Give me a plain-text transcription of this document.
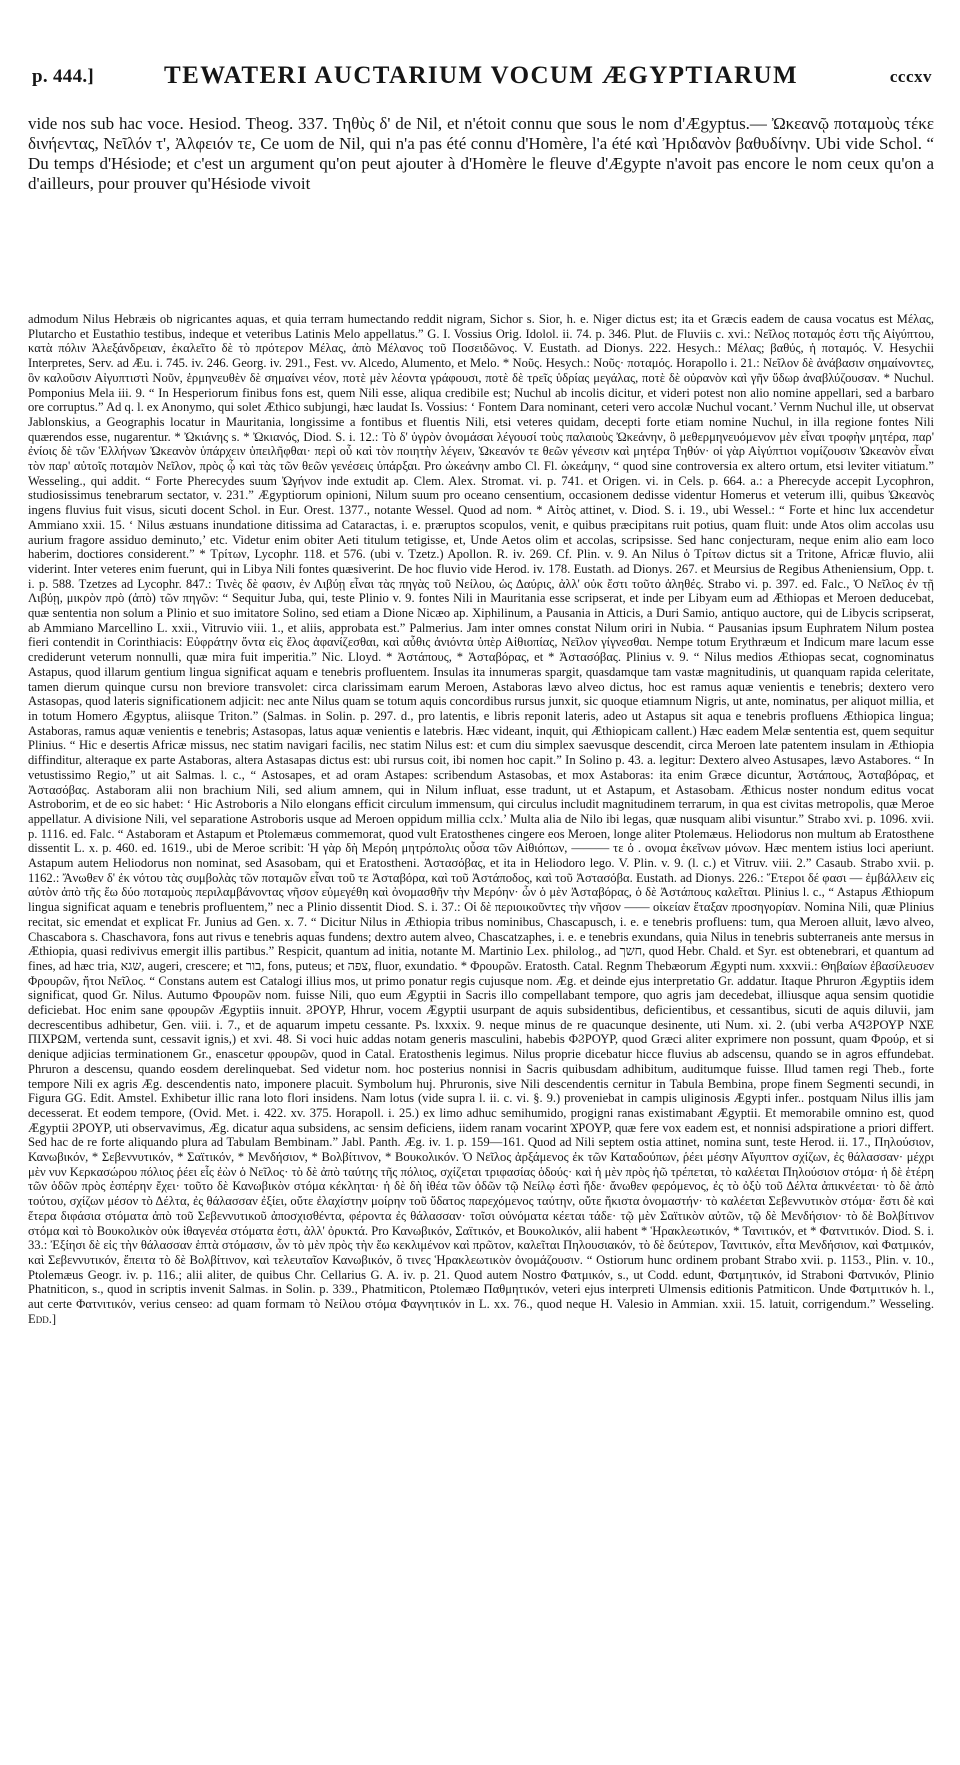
p. 444.]	TEWATERI AUCTARIUM VOCUM ÆGYPTIARUM	cccxv

vide nos sub hac voce. Hesiod. Theog. 337. Τηθὺς δ' de Nil, et n'étoit connu que sous le nom d'Ægyptus.— Ὠκεανῷ ποταμοὺς τέκε δινήεντας, Νεῖλόν τ', Ἀλφειόν τε, Ce uom de Nil, qui n'a pas été connu d'Homère, l'a été καὶ Ἠριδανὸν βαθυδίνην. Ubi vide Schol. “ Du temps d'Hésiode; et c'est un argument qu'on peut ajouter à d'Homère le fleuve d'Ægypte n'avoit pas encore le nom ceux qu'on a d'ailleurs, pour prouver qu'Hésiode vivoit

admodum Nilus Hebræis ob nigricantes aquas, et quia terram humectando reddit nigram, Sichor s. Sior, h. e. Niger dictus est; ita et Græcis eadem de causa vocatus est Μέλας, Plutarcho et Eustathio testibus, indeque et veteribus Latinis Melo appellatus.” G. I. Vossius Orig. Idolol. ii. 74. p. 346. Plut. de Fluviis c. xvi.: Νεῖλος ποταμός ἐστι τῆς Αἰγύπτου, κατὰ πόλιν Ἀλεξάνδρειαν, ἐκαλεῖτο δὲ τὸ πρότερον Μέλας, ἀπὸ Μέλανος τοῦ Ποσειδῶνος. V. Eustath. ad Dionys. 222. Hesych.: Μέλας; βαθύς, ἡ ποταμός. V. Hesychii Interpretes, Serv. ad Æu. i. 745. iv. 246. Georg. iv. 291., Fest. vv. Alcedo, Alumento, et Melo. * Νοῦς. Hesych.: Νοῦς· ποταμός. Horapollo i. 21.: Νεῖλον δὲ ἀνάβασιν σημαίνοντες, ὃν καλοῦσιν Αἰγυπτιστὶ Νοῦν, ἑρμηνευθὲν δὲ σημαίνει νέον, ποτὲ μὲν λέοντα γράφουσι, ποτὲ δὲ τρεῖς ὑδρίας μεγάλας, ποτὲ δὲ οὐρανὸν καὶ γῆν ὕδωρ ἀναβλύζουσαν. * Nuchul. Pomponius Mela iii. 9. “ In Hesperiorum finibus fons est, quem Nili esse, aliqua credibile est; Nuchul ab incolis dicitur, et videri potest non alio nomine appellari, sed a barbaro ore corruptus.” Ad q. l. ex Anonymo, qui solet Æthico subjungi, hæc laudat Is. Vossius: ‘ Fontem Dara nominant, ceteri vero accolæ Nuchul vocant.’ Vernm Nuchul ille, ut observat Jablonskius, a Geographis locatur in Mauritania, longissime a fontibus et fluentis Nili, etsi veteres quidam, decepti forte etiam nomine Nuchul, in illa regione fontes Nili quærendos esse, nugarentur. * Ὠκιάνης s. * Ὠκιανός, Diod. S. i. 12.: Τὸ δ' ὑγρὸν ὀνομάσαι λέγουσί τοὺς παλαιοὺς Ὠκεάνην, ὃ μεθερμηνευόμενον μὲν εἶναι τροφὴν μητέρα, παρ' ἐνίοις δὲ τῶν Ἑλλήνων Ὠκεανὸν ὑπάρχειν ὑπειλῆφθαι· περὶ οὗ καὶ τὸν ποιητὴν λέγειν, Ὠκεανόν τε θεῶν γένεσιν καὶ μητέρα Τηθύν· οἱ γὰρ Αἰγύπτιοι νομίζουσιν Ὠκεανὸν εἶναι τὸν παρ' αὐτοῖς ποταμὸν Νεῖλον, πρὸς ᾧ καὶ τὰς τῶν θεῶν γενέσεις ὑπάρξαι. Pro ὠκεάνην ambo Cl. Fl. ὠκεάμην, “ quod sine controversia ex altero ortum, etsi leviter vitiatum.” Wesseling., qui addit. “ Forte Pherecydes suum Ὠγήνον inde extudit ap. Clem. Alex. Stromat. vi. p. 741. et Origen. vi. in Cels. p. 664. a.: a Pherecyde accepit Lycophron, studiosissimus tenebrarum sectator, v. 231.” Ægyptiorum opinioni, Nilum suum pro oceano censentium, occasionem dedisse videntur Homerus et veterum illi, quibus Ὠκεανὸς ingens fluvius fuit visus, sicuti docent Schol. in Eur. Orest. 1377., notante Wessel. Quod ad nom. * Αἰτὸς attinet, v. Diod. S. i. 19., ubi Wessel.: “ Forte et hinc lux accendetur Ammiano xxii. 15. ‘ Nilus æstuans inundatione ditissima ad Cataractas, i. e. præruptos scopulos, venit, e quibus præcipitans ruit potius, quam fluit: unde Atos olim accolas usu aurium fragore assiduo deminuto,’ etc. Videtur enim obiter Aeti titulum tetigisse, et, Unde Aetos olim et accolas, scripsisse. Sed hanc conjecturam, neque enim alio eam loco haberim, doctiores considerent.” * Τρίτων, Lycophr. 118. et 576. (ubi v. Tzetz.) Apollon. R. iv. 269. Cf. Plin. v. 9. An Nilus ὁ Τρίτων dictus sit a Tritone, Africæ fluvio, alii viderint. Inter veteres enim fuerunt, qui in Libya Nili fontes quæsiverint. De hoc fluvio vide Herod. iv. 178. Eustath. ad Dionys. 267. et Meursius de Regibus Atheniensium, Opp. t. i. p. 588. Tzetzes ad Lycophr. 847.: Τινὲς δὲ φασιν, ἐν Λιβύῃ εἶναι τὰς πηγὰς τοῦ Νείλου, ὡς Δαύρις, ἀλλ' οὐκ ἔστι τοῦτο ἀληθές. Strabo vi. p. 397. ed. Falc., Ὁ Νεῖλος ἐν τῇ Λιβύῃ, μικρὸν πρὸ (ἀπὸ) τῶν πηγῶν: “ Sequitur Juba, qui, teste Plinio v. 9. fontes Nili in Mauritania esse scripserat, et inde per Libyam eum ad Æthiopas et Meroen deducebat, quæ sententia non solum a Plinio et suo imitatore Solino, sed etiam a Dione Nicæo ap. Xiphilinum, a Pausania in Atticis, a Duri Samio, antiquo auctore, qui de Libycis scripserat, ab Ammiano Marcellino L. xxii., Vitruvio viii. 1., et aliis, approbata est.” Palmerius. Jam inter omnes constat Nilum oriri in Nubia. “ Pausanias ipsum Euphratem Nilum postea fieri contendit in Corinthiacis: Εὐφράτην ὄντα εἰς ἕλος ἀφανίζεσθαι, καὶ αὖθις ἀνιόντα ὑπὲρ Αἰθιοπίας, Νεῖλον γίγνεσθαι. Nempe totum Erythræum et Indicum mare lacum esse crediderunt veterum nonnulli, quæ mira fuit imperitia.” Nic. Lloyd. * Ἀστάπους, * Ἀσταβόρας, et * Ἀστασόβας. Plinius v. 9. “ Nilus medios Æthiopas secat, cognominatus Astapus, quod illarum gentium lingua significat aquam e tenebris profluentem. Insulas ita innumeras spargit, quasdamque tam vastæ magnitudinis, ut quanquam rapida celeritate, tamen dierum quinque cursu non breviore transvolet: circa clarissimam earum Meroen, Astaboras lævo alveo dictus, hoc est ramus aquæ venientis e tenebris; dextero vero Astasopas, quod lateris significationem adjicit: nec ante Nilus quam se totum aquis concordibus rursus junxit, sic quoque etiamnum Nigris, ut ante, nominatus, per aliquot millia, et in totum Homero Ægyptus, aliisque Triton.” (Salmas. in Solin. p. 297. d., pro latentis, e libris reponit lateris, adeo ut Astapus sit aqua e tenebris profluens Æthiopica lingua; Astaboras, ramus aquæ venientis e tenebris; Astasopas, latus aquæ venientis e latebris. Hæc videant, inquit, qui Æthiopicam callent.) Hæc eadem Melæ sententia est, quem sequitur Plinius. “ Hic e desertis Africæ missus, nec statim navigari facilis, nec statim Nilus est: et cum diu simplex saevusque descendit, circa Meroen late patentem insulam in Æthiopia diffinditur, alteraque ex parte Astaboras, altera Astasapas dictus est: ubi rursus coit, ibi nomen hoc capit.” In Solino p. 43. a. legitur: Dextero alveo Astusapes, lævo Astabores. “ In vetustissimo Regio,” ut ait Salmas. l. c., “ Astosapes, et ad oram Astapes: scribendum Astasobas, et mox Astaboras: ita enim Græce dicuntur, Ἀστάπους, Ἀσταβόρας, et Ἀστασόβας. Astaboram alii non brachium Nili, sed alium amnem, qui in Nilum influat, esse tradunt, ut et Astapum, et Astasobam. Æthicus noster nondum editus vocat Astroborim, et de eo sic habet: ‘ Hic Astroboris a Nilo elongans efficit circulum immensum, qui circulus includit magnitudinem terrarum, in qua est civitas metropolis, quæ Meroe appellatur. A divisione Nili, vel separatione Astroboris usque ad Meroen oppidum millia cclx.’ Multa alia de Nilo ibi legas, quæ nusquam alibi visuntur.” Strabo xvi. p. 1096. xvii. p. 1116. ed. Falc. “ Astaboram et Astapum et Ptolemæus commemorat, quod vult Eratosthenes cingere eos Meroen, longe aliter Ptolemæus. Heliodorus non multum ab Eratosthene dissentit L. x. p. 460. ed. 1619., ubi de Meroe scribit: Ἡ γὰρ δὴ Μερόη μητρόπολις οὖσα τῶν Αἰθιόπων, ——— τε ὁ . ονομα ἐκεῖνων μόνων. Hæc mentem istius loci aperiunt. Astapum autem Heliodorus non nominat, sed Asasobam, qui et Eratostheni. Ἀστασόβας, et ita in Heliodoro lego. V. Plin. v. 9. (l. c.) et Vitruv. viii. 2.” Casaub. Strabo xvii. p. 1162.: Ἄνωθεν δ' ἐκ νότου τὰς συμβολὰς τῶν ποταμῶν εἶναι τοῦ τε Ἀσταβόρα, καὶ τοῦ Ἀστάποδος, καὶ τοῦ Ἀστασόβα. Eustath. ad Dionys. 226.: Ἕτεροι δέ φασι — ἐμβάλλειν εἰς αὐτὸν ἀπὸ τῆς ἕω δύο ποταμοὺς περιλαμβάνοντας νῆσον εὐμεγέθη καὶ ὀνομασθῆν τὴν Μερόην· ὧν ὁ μὲν Ἀσταβόρας, ὁ δὲ Ἀστάπους καλεῖται. Plinius l. c., “ Astapus Æthiopum lingua significat aquam e tenebris profluentem,” nec a Plinio dissentit Diod. S. i. 37.: Οἱ δὲ περιοικοῦντες τὴν νῆσον —— οἰκείαν ἔταξαν προσηγορίαν. Nomina Nili, quæ Plinius recitat, sic emendat et explicat Fr. Junius ad Gen. x. 7. “ Dicitur Nilus in Æthiopia tribus nominibus, Chascapusch, i. e. e tenebris profluens: tum, qua Meroen alluit, lævo alveo, Chascabora s. Chaschavora, fons aut rivus e tenebris aquas fundens; dextro autem alveo, Chascatzaphes, i. e. e tenebris exundans, quia Nilus in tenebris subterraneis ante mersus in Æthiopia, quasi redivivus emergit illis partibus.” Respicit, quantum ad initia, notante M. Martinio Lex. philolog., ad חשך, quod Hebr. Chald. et Syr. est obtenebrari, et quantum ad fines, ad hæc tria, שגא, augeri, crescere; et בור, fons, puteus; et צפה, fluor, exundatio. * Φρουρῶν. Eratosth. Catal. Regnm Thebæorum Ægypti num. xxxvii.: Θηβαίων ἐβασίλευσεν Φρουρῶν, ἤτοι Νεῖλος. “ Constans autem est Catalogi illius mos, ut primo ponatur regis cujusque nom. Æg. et deinde ejus interpretatio Gr. addatur. Itaque Phruron Ægyptiis idem significat, quod Gr. Nilus. Autumo Φρουρῶν nom. fuisse Nili, quo eum Ægyptii in Sacris illo compellabant tempore, quo agris jam decedebat, illiusque aqua sensim quotidie deficiebat. Hoc enim sane φρουρῶν Ægyptiis innuit. ϨΡΟΥΡ, Hhrur, vocem Ægyptii usurpant de aquis subsidentibus, deficientibus, et cessantibus, sicuti de aquis diluvii, jam decrescentibus adhibetur, Gen. viii. i. 7., et de aquarum impetu cessante. Ps. lxxxix. 9. neque minus de re quacunque desinente, uti Num. xi. 2. (ubi verba ΑϤϨΡΟΥΡ ΝϪΕ ΠΙΧΡΩΜ, vertenda sunt, cessavit ignis,) et xvi. 48. Si voci huic addas notam generis masculini, habebis ΦϨΡΟΥΡ, quod Græci aliter exprimere non possunt, quam Φρούρ, et si denique adjicias terminationem Gr., enascetur φρουρῶν, quod in Catal. Eratosthenis legimus. Nilus proprie dicebatur hicce fluvius ab adscensu, quando se in agros effundebat. Phruron a descensu, quando eosdem derelinquebat. Sed videtur nom. hoc posterius nonnisi in Sacris quibusdam adhibitum, auditumque fuisse. Illud tamen regi Theb., forte tempore Nili ex agris Æg. descendentis nato, imponere placuit. Symbolum huj. Phruronis, sive Nili descendentis cernitur in Tabula Bembina, prope finem Segmenti secundi, in Figura GG. Edit. Amstel. Exhibetur illic rana loto flori insidens. Nam lotus (vide supra l. ii. c. vi. §. 9.) proveniebat in campis uliginosis Ægypti infer.. postquam Nilus illis jam decesserat. Et eodem tempore, (Ovid. Met. i. 422. xv. 375. Horapoll. i. 25.) ex limo adhuc semihumido, progigni ranas existimabant Ægyptii. Et memorabile omnino est, quod Ægyptii ϨΡΟΥΡ, uti observavimus, Æg. dicatur aqua subsidens, ac sensim deficiens, iidem ranam vocarint ϪΡΟΥΡ, quæ fere vox eadem est, et nonnisi adspiratione a priori differt. Sed hac de re forte aliquando plura ad Tabulam Bembinam.” Jabl. Panth. Æg. iv. 1. p. 159—161. Quod ad Nili septem ostia attinet, nomina sunt, teste Herod. ii. 17., Πηλούσιον, Κανωβικόν, * Σεβεννυτικόν, * Σαϊτικόν, * Μενδήσιον, * Βολβίτινον, * Βουκολικόν. Ὁ Νεῖλος ἀρξάμενος ἐκ τῶν Καταδούπων, ῥέει μέσην Αἴγυπτον σχίζων, ἐς θάλασσαν· μέχρι μὲν νυν Κερκασώρου πόλιος ῥέει εἷς ἐὼν ὁ Νεῖλος· τὸ δὲ ἀπὸ ταύτης τῆς πόλιος, σχίζεται τριφασίας ὁδούς· καὶ ἡ μὲν πρὸς ἠῶ τρέπεται, τὸ καλέεται Πηλούσιον στόμα· ἡ δὲ ἑτέρη τῶν ὁδῶν πρὸς ἑσπέρην ἔχει· τοῦτο δὲ Κανωβικὸν στόμα κέκληται· ἡ δὲ δὴ ἰθέα τῶν ὁδῶν τῷ Νείλῳ ἐστὶ ἥδε· ἄνωθεν φερόμενος, ἐς τὸ ὀξὺ τοῦ Δέλτα ἀπικνέεται· τὸ δὲ ἀπὸ τούτου, σχίζων μέσον τὸ Δέλτα, ἐς θάλασσαν ἐξίει, οὔτε ἐλαχίστην μοίρην τοῦ ὕδατος παρεχόμενος ταύτην, οὔτε ἥκιστα ὀνομαστήν· τὸ καλέεται Σεβεννυτικὸν στόμα· ἔστι δὲ καὶ ἕτερα διφάσια στόματα ἀπὸ τοῦ Σεβεννυτικοῦ ἀποσχισθέντα, φέροντα ἐς θάλασσαν· τοῖσι οὐνόματα κέεται τάδε· τῷ μὲν Σαϊτικὸν αὐτῶν, τῷ δὲ Μενδήσιον· τὸ δὲ Βολβίτινον στόμα καὶ τὸ Βουκολικὸν οὐκ ἰθαγενέα στόματα ἐστι, ἀλλ' ὀρυκτά. Pro Κανωβικόν, Σαϊτικόν, et Βουκολικόν, alii habent * Ἡρακλεωτικόν, * Τανιτικόν, et * Φατνιτικόν. Diod. S. i. 33.: Ἐξίησι δὲ εἰς τὴν θάλασσαν ἑπτὰ στόμασιν, ὧν τὸ μὲν πρὸς τὴν ἕω κεκλιμένον καὶ πρῶτον, καλεῖται Πηλουσιακόν, τὸ δὲ δεύτερον, Τανιτικόν, εἶτα Μενδήσιον, καὶ Φατμικόν, καὶ Σεβεννυτικόν, ἔπειτα τὸ δὲ Βολβίτινον, καὶ τελευταῖον Κανωβικόν, ὅ τινες Ἡρακλεωτικὸν ὀνομάζουσιν. “ Ostiorum hunc ordinem probant Strabo xvii. p. 1153., Plin. v. 10., Ptolemæus Geogr. iv. p. 116.; alii aliter, de quibus Chr. Cellarius G. A. iv. p. 21. Quod autem Nostro Φατμικόν, s., ut Codd. edunt, Φατμητικόν, id Straboni Φατνικόν, Plinio Phatniticon, s., quod in scriptis invenit Salmas. in Solin. p. 339., Phatmiticon, Ptolemæo Παθμητικόν, veteri ejus interpreti Ulmensis editionis Patmiticon. Unde Φατμιτικόν h. l., aut certe Φατνιτικόν, verius censeo: ad quam formam τὸ Νείλου στόμα Φαγνητικόν in L. xx. 76., quod neque H. Valesio in Ammian. xxii. 15. latuit, corrigendum.” Wesseling. Edd.]
